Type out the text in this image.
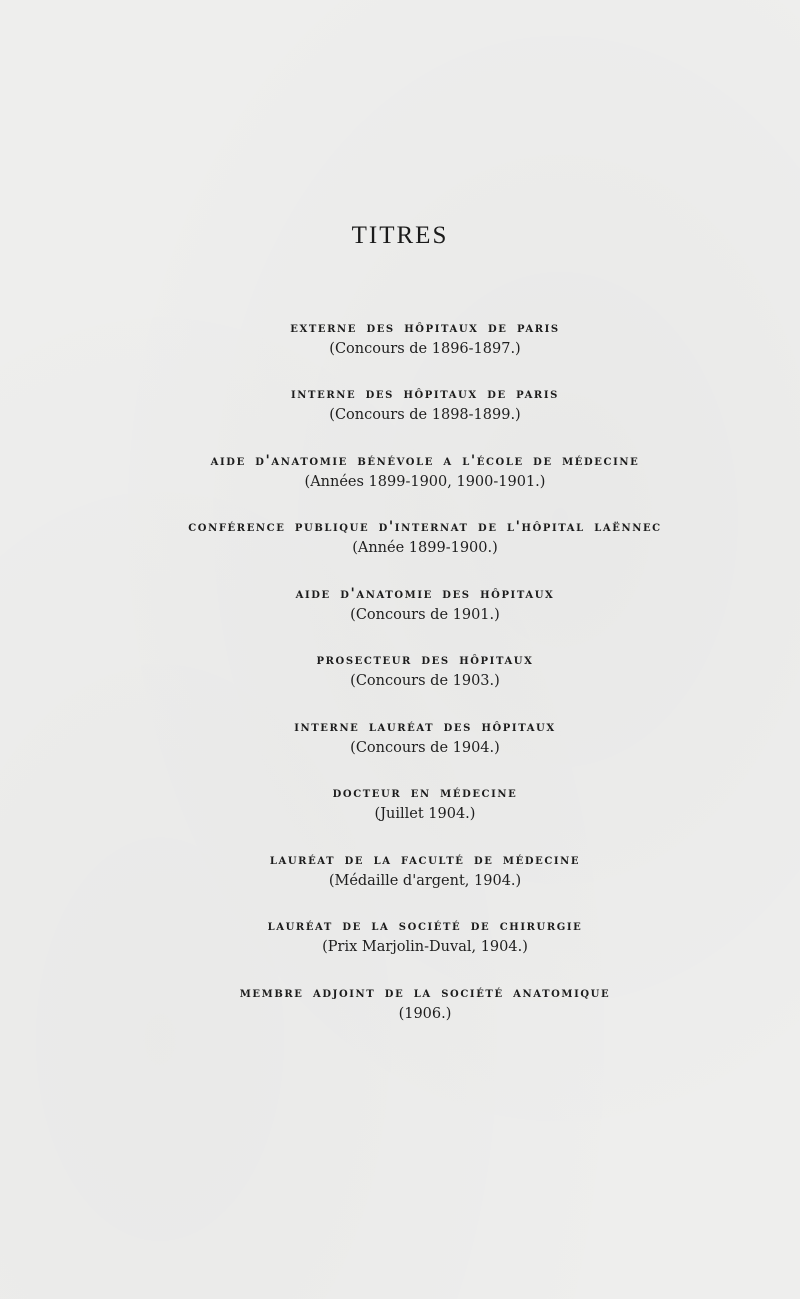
TITRES
externe des hôpitaux de paris
(Concours de 1896-1897.)
interne des hôpitaux de paris
(Concours de 1898-1899.)
aide d'anatomie bénévole a l'école de médecine
(Années 1899-1900, 1900-1901.)
conférence publique d'internat de l'hôpital laënnec
(Année 1899-1900.)
aide d'anatomie des hôpitaux
(Concours de 1901.)
prosecteur des hôpitaux
(Concours de 1903.)
interne lauréat des hôpitaux
(Concours de 1904.)
docteur en médecine
(Juillet 1904.)
lauréat de la faculté de médecine
(Médaille d'argent, 1904.)
lauréat de la société de chirurgie
(Prix Marjolin-Duval, 1904.)
membre adjoint de la société anatomique
(1906.)
